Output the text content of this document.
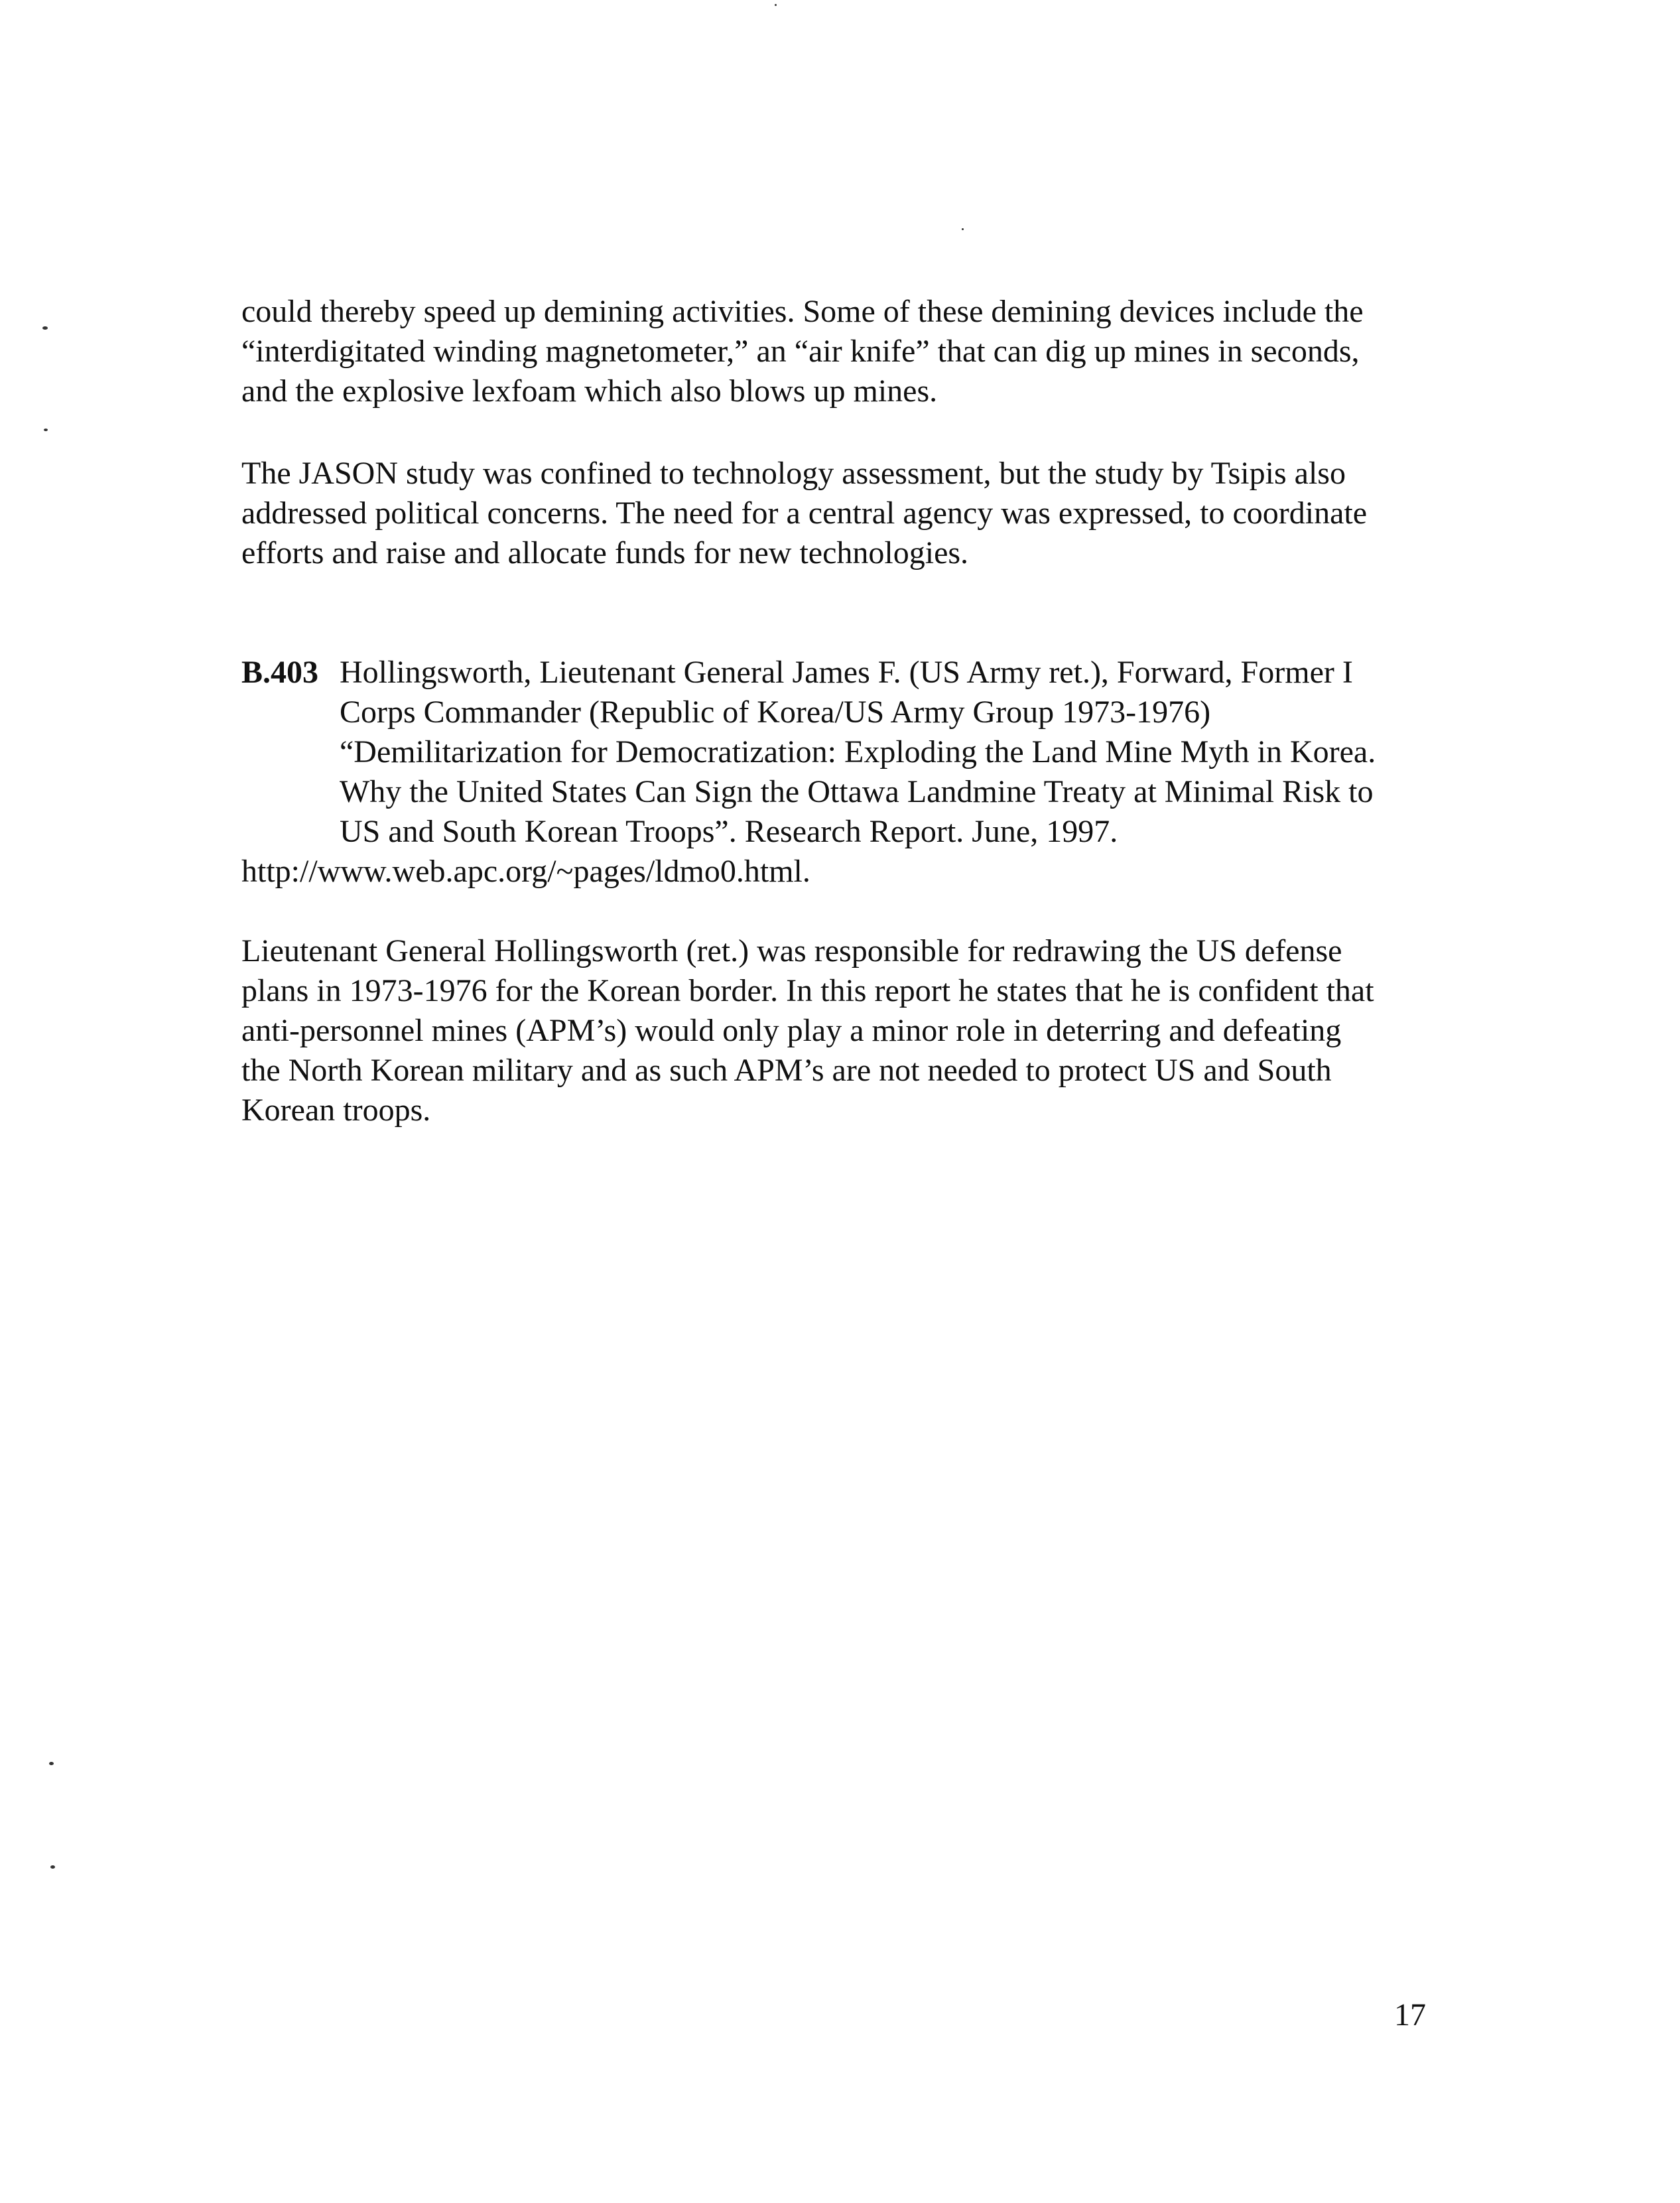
could thereby speed up demining activities. Some of these demining devices include the
“interdigitated winding magnetometer,” an “air knife” that can dig up mines in seconds,
and the explosive lexfoam which also blows up mines.

The JASON study was confined to technology assessment, but the study by Tsipis also
addressed political concerns. The need for a central agency was expressed, to coordinate
efforts and raise and allocate funds for new technologies.

B.403 Hollingsworth, Lieutenant General James F. (US Army ret.), Forward, Former I
Corps Commander (Republic of Korea/US Army Group 1973-1976)
“Demilitarization for Democratization: Exploding the Land Mine Myth in Korea.
Why the United States Can Sign the Ottawa Landmine Treaty at Minimal Risk to
US and South Korean Troops”. Research Report. June, 1997.
http://www.web.apc.org/~pages/ldmo0.html.

Lieutenant General Hollingsworth (ret.) was responsible for redrawing the US defense
plans in 1973-1976 for the Korean border. In this report he states that he is confident that
anti-personnel mines (APM’s) would only play a minor role in deterring and defeating
the North Korean military and as such APM’s are not needed to protect US and South
Korean troops.

17
